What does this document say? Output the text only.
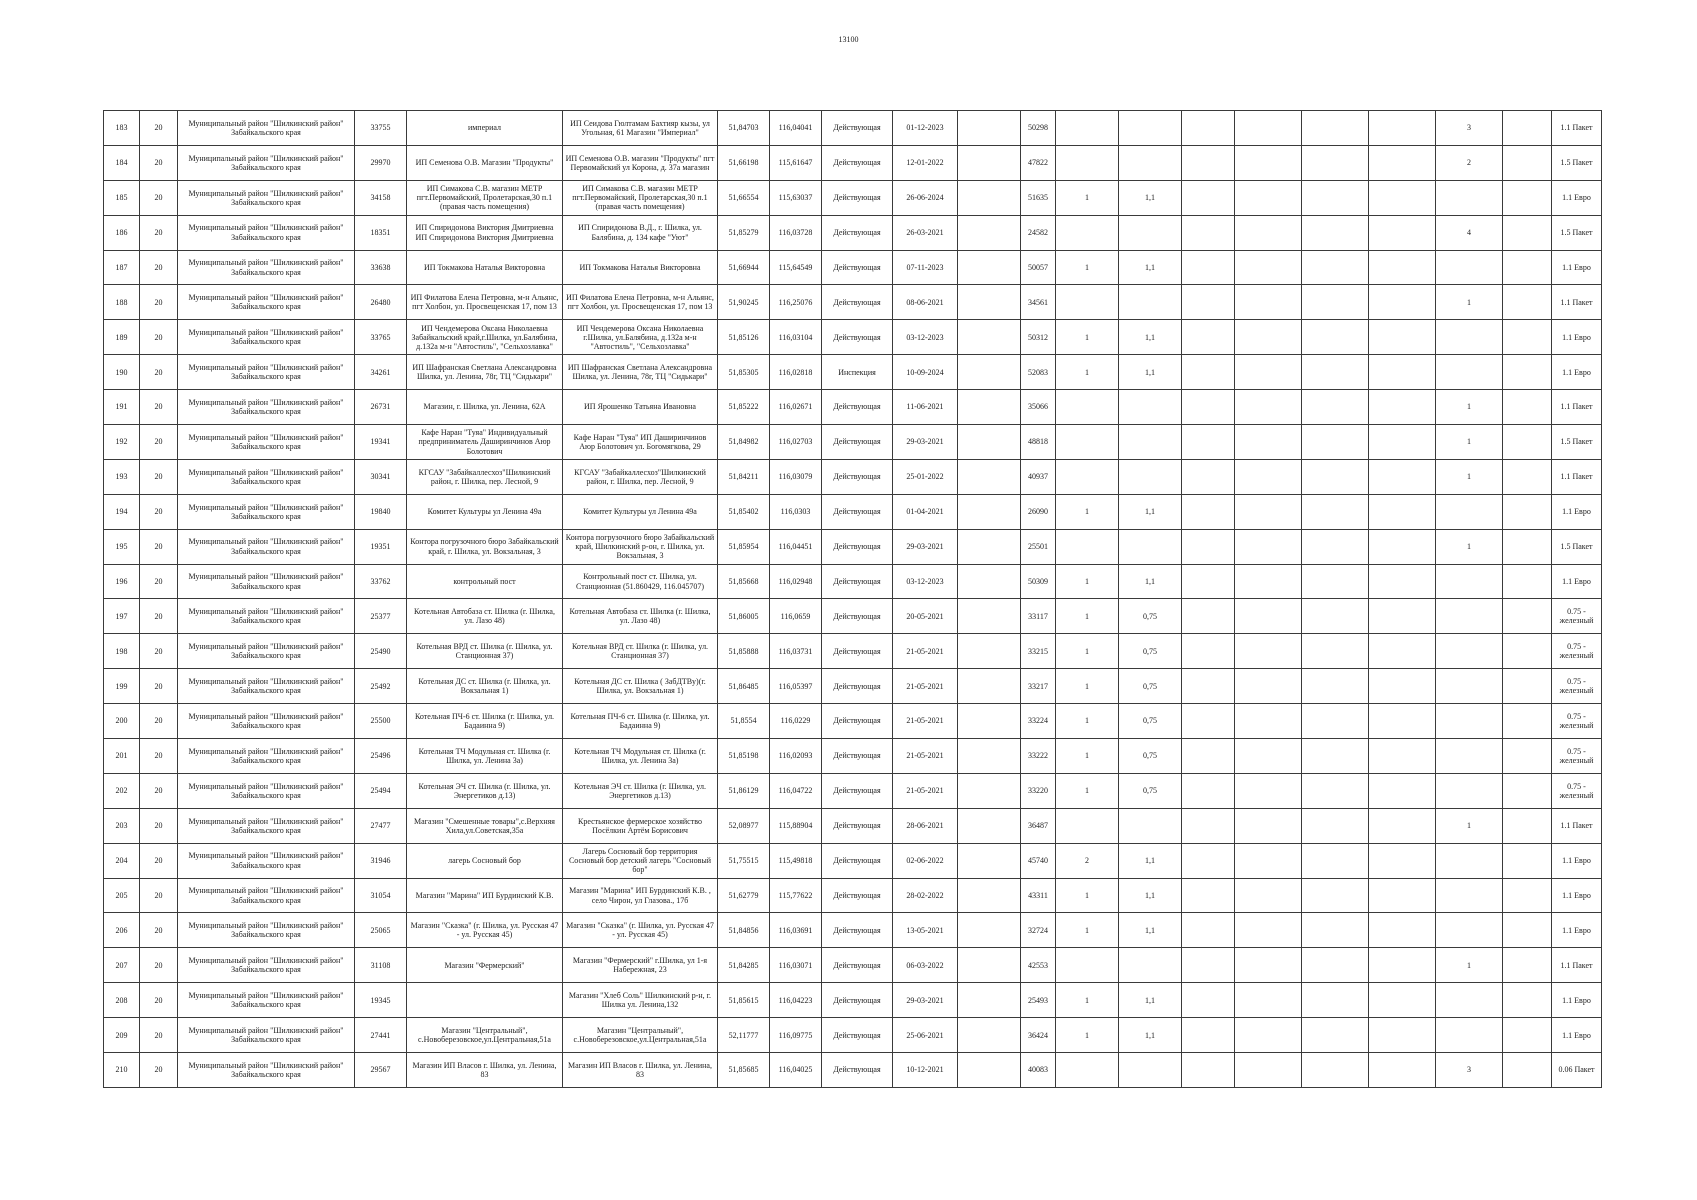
13100
183	20	Муниципальный район "Шилкинский район" Забайкальского края	33755	империал	ИП Сеидова Гюлтамам Бахтияр кызы, ул Угольная, 61 Магазин "Империал"	51,84703	116,04041	Действующая	01-12-2023		50298							3		1.1 Пакет
184	20	Муниципальный район "Шилкинский район" Забайкальского края	29970	ИП Семенова О.В. Магазин "Продукты"	ИП Семенова О.В. магазин "Продукты" пгт Первомайский ул Корона, д. 37а магазин	51,66198	115,61647	Действующая	12-01-2022		47822							2		1.5 Пакет
185	20	Муниципальный район "Шилкинский район" Забайкальского края	34158	ИП Симакова С.В. магазин МЕТР пгт.Первомайский, Пролетарская,30 п.1 (правая часть помещения)	ИП Симакова С.В. магазин МЕТР пгт.Первомайский, Пролетарская,30 п.1 (правая часть помещения)	51,66554	115,63037	Действующая	26-06-2024		51635	1	1,1							1.1 Евро
186	20	Муниципальный район "Шилкинский район" Забайкальского края	18351	ИП Спиридонова Виктория Дмитриевна ИП Спиридонова Виктория Дмитриевна	ИП Спиридонова В.Д., г. Шилка, ул. Балябина, д. 134 кафе "Уют"	51,85279	116,03728	Действующая	26-03-2021		24582							4		1.5 Пакет
187	20	Муниципальный район "Шилкинский район" Забайкальского края	33638	ИП Токмакова Наталья Викторовна	ИП Токмакова Наталья Викторовна	51,66944	115,64549	Действующая	07-11-2023		50057	1	1,1							1.1 Евро
188	20	Муниципальный район "Шилкинский район" Забайкальского края	26480	ИП Филатова Елена Петровна, м-н Альянс, пгт Холбон, ул. Просвещенская 17, пом 13	ИП Филатова Елена Петровна, м-н Альянс, пгт Холбон, ул. Просвещенская 17, пом 13	51,90245	116,25076	Действующая	08-06-2021		34561							1		1.1 Пакет
189	20	Муниципальный район "Шилкинский район" Забайкальского края	33765	ИП Чендемерова Оксана Николаевна Забайкальский край,г.Шилка, ул.Балябина, д.132а м-н "Автостиль", "Сельхозлавка"	ИП Чендемерова Оксана Николаевна г.Шилка, ул.Балябина, д.132а м-н "Автостиль", "Сельхозлавка"	51,85126	116,03104	Действующая	03-12-2023		50312	1	1,1							1.1 Евро
190	20	Муниципальный район "Шилкинский район" Забайкальского края	34261	ИП Шафранская Светлана Александровна Шилка, ул. Ленина, 78г, ТЦ "Сидькари"	ИП Шафранская Светлана Александровна Шилка, ул. Ленина, 78г, ТЦ "Сидькари"	51,85305	116,02818	Инспекция	10-09-2024		52083	1	1,1							1.1 Евро
191	20	Муниципальный район "Шилкинский район" Забайкальского края	26731	Магазин, г. Шилка, ул. Ленина, 62А	ИП Ярошенко Татьяна Ивановна	51,85222	116,02671	Действующая	11-06-2021		35066							1		1.1 Пакет
192	20	Муниципальный район "Шилкинский район" Забайкальского края	19341	Кафе Наран "Туяа" Индивидуальный предприниматель Даширинчинов Аюр Болотович	Кафе Наран "Туяа" ИП Даширинчинов Аюр Болотович ул. Богомягкова, 29	51,84982	116,02703	Действующая	29-03-2021		48818							1		1.5 Пакет
193	20	Муниципальный район "Шилкинский район" Забайкальского края	30341	КГСАУ "Забайкаллесхоз"Шилкинский район, г. Шилка, пер. Лесной, 9	КГСАУ "Забайкаллесхоз"Шилкинский район, г. Шилка, пер. Лесной, 9	51,84211	116,03079	Действующая	25-01-2022		40937							1		1.1 Пакет
194	20	Муниципальный район "Шилкинский район" Забайкальского края	19840	Комитет Культуры ул Ленина 49а	Комитет Культуры ул Ленина 49а	51,85402	116,0303	Действующая	01-04-2021		26090	1	1,1							1.1 Евро
195	20	Муниципальный район "Шилкинский район" Забайкальского края	19351	Контора погрузочного бюро Забайкальский край, г. Шилка, ул. Вокзальная, 3	Контора погрузочного бюро Забайкальский край, Шилкинский р-он, г. Шилка, ул. Вокзальная, 3	51,85954	116,04451	Действующая	29-03-2021		25501							1		1.5 Пакет
196	20	Муниципальный район "Шилкинский район" Забайкальского края	33762	контрольный пост	Контрольный пост ст. Шилка, ул. Станционная (51.860429, 116.045707)	51,85668	116,02948	Действующая	03-12-2023		50309	1	1,1							1.1 Евро
197	20	Муниципальный район "Шилкинский район" Забайкальского края	25377	Котельная Автобаза ст. Шилка (г. Шилка, ул. Лазо 48)	Котельная Автобаза ст. Шилка (г. Шилка, ул. Лазо 48)	51,86005	116,0659	Действующая	20-05-2021		33117	1	0,75							0.75 - железный
198	20	Муниципальный район "Шилкинский район" Забайкальского края	25490	Котельная ВРД ст. Шилка (г. Шилка, ул. Станционная 37)	Котельная ВРД ст. Шилка (г. Шилка, ул. Станционная 37)	51,85888	116,03731	Действующая	21-05-2021		33215	1	0,75							0.75 - железный
199	20	Муниципальный район "Шилкинский район" Забайкальского края	25492	Котельная ДС ст. Шилка (г. Шилка, ул. Вокзальная 1)	Котельная ДС ст. Шилка ( ЗабДТВу)(г. Шилка, ул. Вокзальная 1)	51,86485	116,05397	Действующая	21-05-2021		33217	1	0,75							0.75 - железный
200	20	Муниципальный район "Шилкинский район" Забайкальского края	25500	Котельная ПЧ-6 ст. Шилка (г. Шилка, ул. Бадаинна 9)	Котельная ПЧ-6 ст. Шилка (г. Шилка, ул. Бадаинна 9)	51,8554	116,0229	Действующая	21-05-2021		33224	1	0,75							0.75 - железный
201	20	Муниципальный район "Шилкинский район" Забайкальского края	25496	Котельная ТЧ Модульная ст. Шилка (г. Шилка, ул. Ленина 3а)	Котельная ТЧ Модульная ст. Шилка (г. Шилка, ул. Ленина 3а)	51,85198	116,02093	Действующая	21-05-2021		33222	1	0,75							0.75 - железный
202	20	Муниципальный район "Шилкинский район" Забайкальского края	25494	Котельная ЭЧ ст. Шилка (г. Шилка, ул. Энергетиков д.13)	Котельная ЭЧ ст. Шилка (г. Шилка, ул. Энергетиков д.13)	51,86129	116,04722	Действующая	21-05-2021		33220	1	0,75							0.75 - железный
203	20	Муниципальный район "Шилкинский район" Забайкальского края	27477	Магазин "Смешенные товары",с.Верхняя Хила,ул.Советская,35а	Крестьянское фермерское хозяйство Посёлкин Артём Борисович	52,08977	115,88904	Действующая	28-06-2021		36487							1		1.1 Пакет
204	20	Муниципальный район "Шилкинский район" Забайкальского края	31946	лагерь Сосновый бор	Лагерь Сосновый бор территория Сосновый бор детский лагерь "Сосновый бор"	51,75515	115,49818	Действующая	02-06-2022		45740	2	1,1							1.1 Евро
205	20	Муниципальный район "Шилкинский район" Забайкальского края	31054	Магазин "Марина" ИП Бурдинский К.В.	Магазин "Марина" ИП Бурдинский К.В. , село Чирон, ул Глазова., 17б	51,62779	115,77622	Действующая	28-02-2022		43311	1	1,1							1.1 Евро
206	20	Муниципальный район "Шилкинский район" Забайкальского края	25065	Магазин "Сказка" (г. Шилка, ул. Русская 47 - ул. Русская 45)	Магазин "Сказка" (г. Шилка, ул. Русская 47 - ул. Русская 45)	51,84856	116,03691	Действующая	13-05-2021		32724	1	1,1							1.1 Евро
207	20	Муниципальный район "Шилкинский район" Забайкальского края	31108	Магазин "Фермерский"	Магазин "Фермерский" г.Шилка, ул 1-я Набережная, 23	51,84285	116,03071	Действующая	06-03-2022		42553							1		1.1 Пакет
208	20	Муниципальный район "Шилкинский район" Забайкальского края	19345		Магазин "Хлеб Соль" Шилкинский р-н, г. Шилка ул. Ленина,132	51,85615	116,04223	Действующая	29-03-2021		25493	1	1,1							1.1 Евро
209	20	Муниципальный район "Шилкинский район" Забайкальского края	27441	Магазин "Центральный", с.Новоберезовское,ул.Центральная,51а	Магазин "Центральный", с.Новоберезовское,ул.Центральная,51а	52,11777	116,09775	Действующая	25-06-2021		36424	1	1,1							1.1 Евро
210	20	Муниципальный район "Шилкинский район" Забайкальского края	29567	Магазин ИП Власов г. Шилка, ул. Ленина, 83	Магазин ИП Власов г. Шилка, ул. Ленина, 83	51,85685	116,04025	Действующая	10-12-2021		40083							3		0.06 Пакет
